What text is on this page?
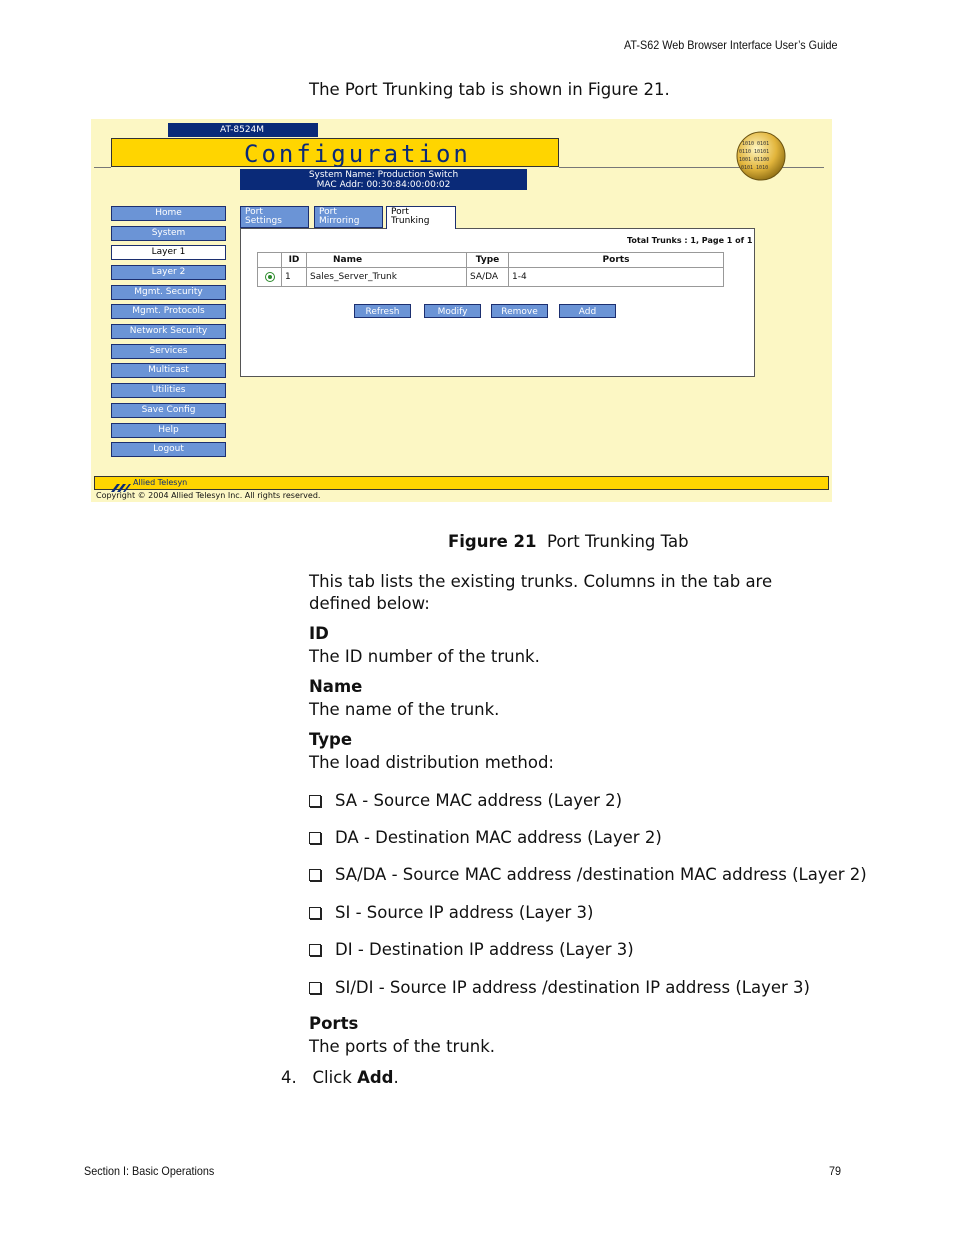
AT-S62 Web Browser Interface User’s Guide
The Port Trunking tab is shown in Figure 21.
AT-8524M
Configuration	1010 0101
0110 10101
1001 01100
0101 1010
System Name: Production Switch
MAC Addr: 00:30:84:00:00:02
Home
System
Layer 1
Layer 2
Mgmt. Security
Mgmt. Protocols
Network Security
Services
Multicast
Utilities
Save Config
Help
Logout
Port
Settings
Port
Mirroring
Port
Trunking
Total Trunks : 1, Page 1 of 1
	ID	Name	Type	Ports

	1	Sales_Server_Trunk	SA/DA	1-4
Refresh	Modify	Remove	Add
Allied Telesyn
Copyright © 2004 Allied Telesyn Inc. All rights reserved.
Figure 21 Port Trunking Tab
This tab lists the existing trunks. Columns in the tab are defined below:
ID
The ID number of the trunk.
Name
The name of the trunk.
Type
The load distribution method:
SA - Source MAC address (Layer 2)
DA - Destination MAC address (Layer 2)
SA/DA - Source MAC address /destination MAC address (Layer 2)
SI - Source IP address (Layer 3)
DI - Destination IP address (Layer 3)
SI/DI - Source IP address /destination IP address (Layer 3)
Ports
The ports of the trunk.
4. Click Add.
Section I: Basic Operations	79
